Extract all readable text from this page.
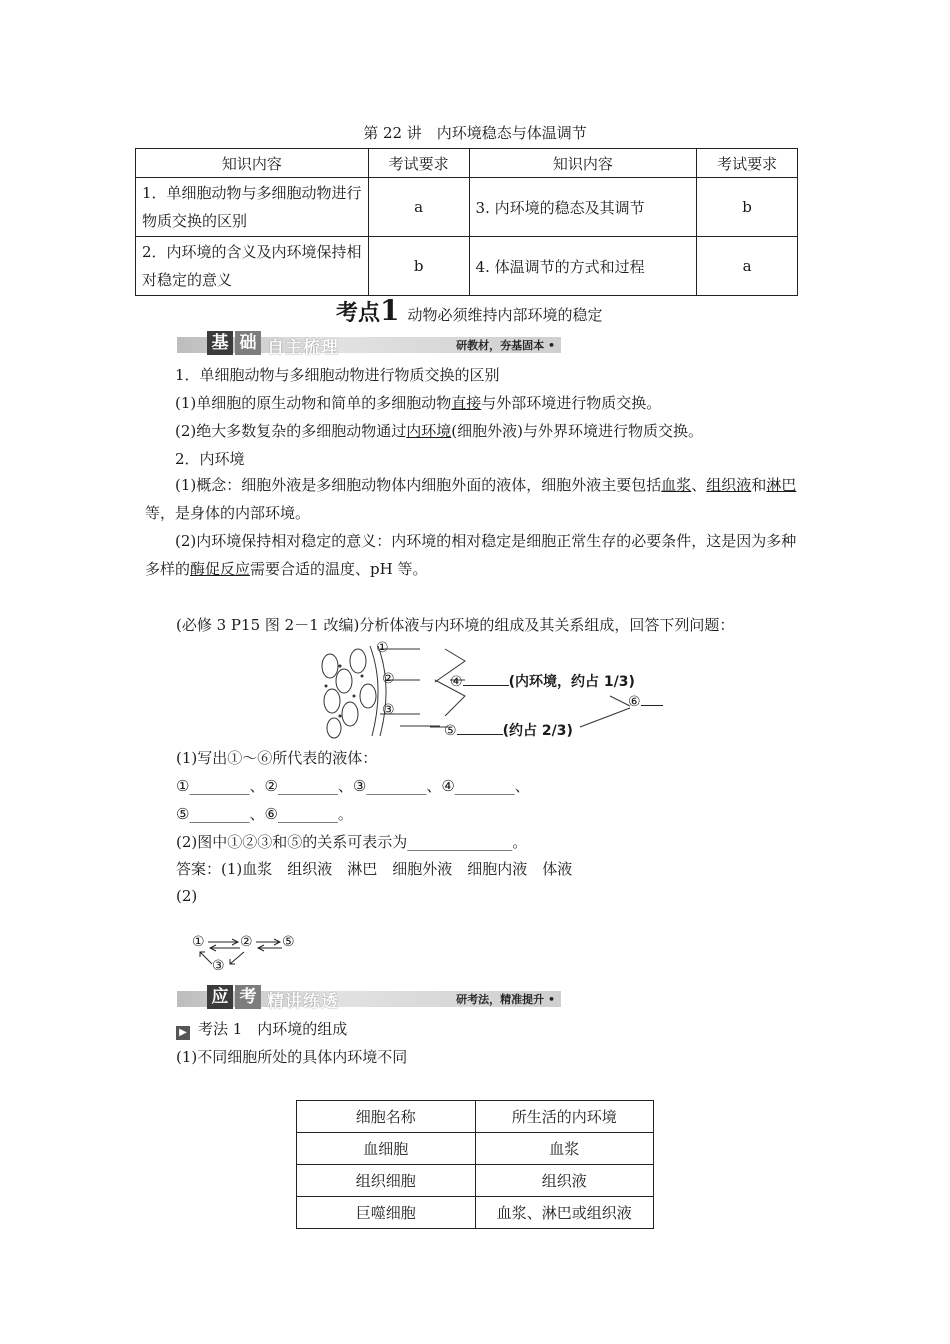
第 22 讲　内环境稳态与体温调节
知识内容	考试要求	知识内容	考试要求
1．单细胞动物与多细胞动物进行物质交换的区别	a	3. 内环境的稳态及其调节	b
2．内环境的含义及内环境保持相对稳定的意义	b	4. 体温调节的方式和过程	a
考点1 动物必须维持内部环境的稳定
基 础 自主梳理	研教材，夯基固本 •
1．单细胞动物与多细胞动物进行物质交换的区别
(1)单细胞的原生动物和简单的多细胞动物直接与外部环境进行物质交换。
(2)绝大多数复杂的多细胞动物通过内环境(细胞外液)与外界环境进行物质交换。
2．内环境
(1)概念：细胞外液是多细胞动物体内细胞外面的液体，细胞外液主要包括血浆、组织液和淋巴等，是身体的内部环境。
(2)内环境保持相对稳定的意义：内环境的相对稳定是细胞正常生存的必要条件，这是因为多种多样的酶促反应需要合适的温度、pH 等。
(必修 3 P15 图 2－1 改编)分析体液与内环境的组成及其关系组成，回答下列问题：
①
②
③
④	(内环境，约占 1/3)
⑤	(约占 2/3)
⑥
(1)写出①～⑥所代表的液体：
①________、②________、③________、④________、
⑤________、⑥________。
(2)图中①②③和⑤的关系可表示为______________。
答案：(1)血浆　组织液　淋巴　细胞外液　细胞内液　体液
(2)
①	② ⑤
③
应 考 精讲练透	研考法，精准提升 •
▶ 考法 1　内环境的组成
(1)不同细胞所处的具体内环境不同
细胞名称	所生活的内环境
血细胞	血浆
组织细胞	组织液
巨噬细胞	血浆、淋巴或组织液
